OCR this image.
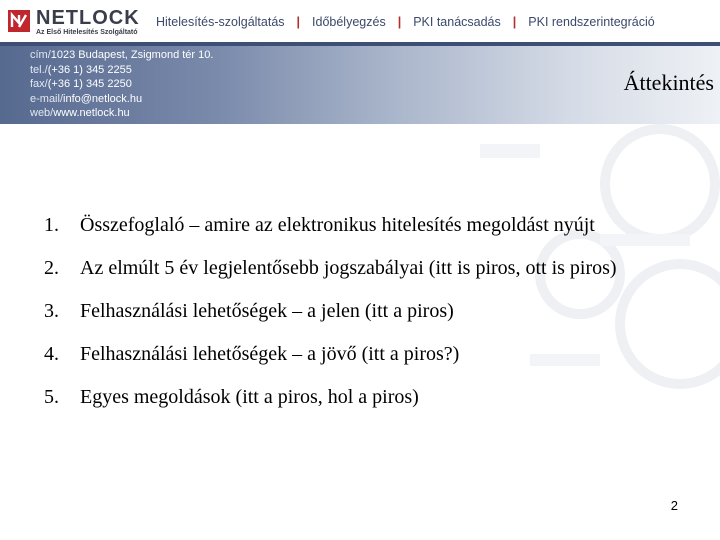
NETLOCK
Az Első Hitelesítés Szolgáltató
Hitelesítés-szolgáltatás | Időbélyegzés | PKI tanácsadás | PKI rendszerintegráció
cím/1023 Budapest, Zsigmond tér 10.
tel./(+36 1) 345 2255
fax/(+36 1) 345 2250
e-mail/info@netlock.hu
web/www.netlock.hu
Áttekintés
1.	Összefoglaló – amire az elektronikus hitelesítés megoldást nyújt
2.	Az elmúlt 5 év legjelentősebb jogszabályai (itt is piros, ott is piros)
3.	Felhasználási lehetőségek – a jelen (itt a piros)
4.	Felhasználási lehetőségek – a jövő (itt a piros?)
5.	Egyes megoldások (itt a piros, hol a piros)
2
